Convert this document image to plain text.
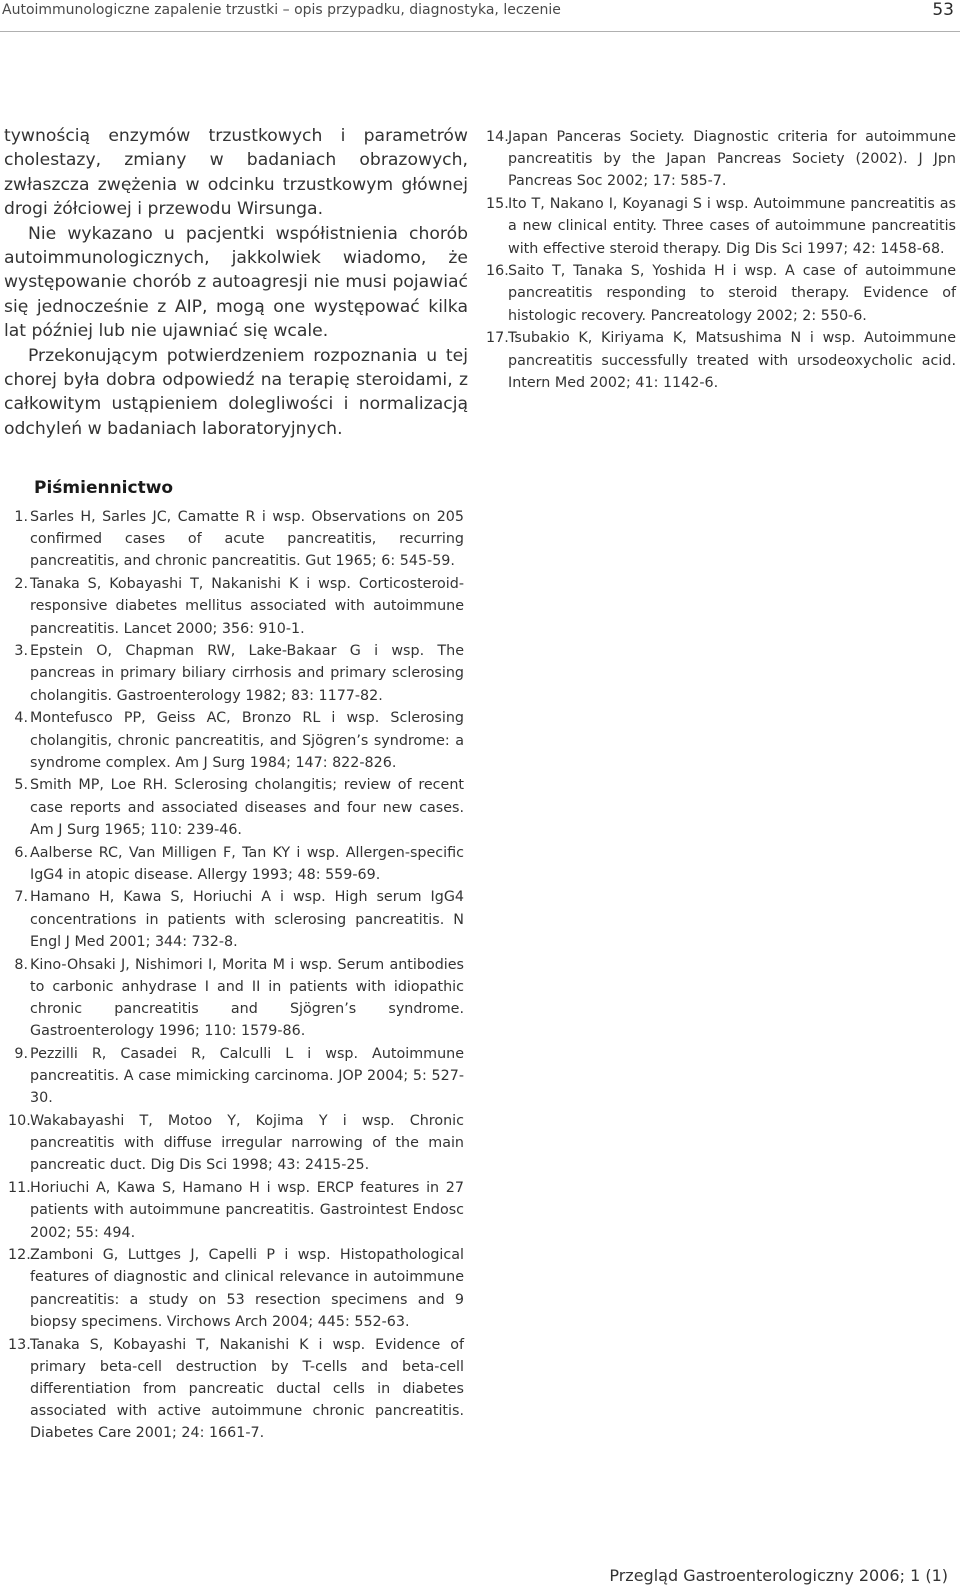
Autoimmunologiczne zapalenie trzustki – opis przypadku, diagnostyka, leczenie	53

tywnością enzymów trzustkowych i parametrów cholestazy, zmiany w badaniach obrazowych, zwłaszcza zwężenia w odcinku trzustkowym głównej drogi żółciowej i przewodu Wirsunga.

Nie wykazano u pacjentki współistnienia chorób autoimmunologicznych, jakkolwiek wiadomo, że występowanie chorób z autoagresji nie musi pojawiać się jednocześnie z AIP, mogą one występować kilka lat później lub nie ujawniać się wcale.

Przekonującym potwierdzeniem rozpoznania u tej chorej była dobra odpowiedź na terapię steroidami, z całkowitym ustąpieniem dolegliwości i normalizacją odchyleń w badaniach laboratoryjnych.

Piśmiennictwo
1. Sarles H, Sarles JC, Camatte R i wsp. Observations on 205 confirmed cases of acute pancreatitis, recurring pancreatitis, and chronic pancreatitis. Gut 1965; 6: 545-59.
2. Tanaka S, Kobayashi T, Nakanishi K i wsp. Corticosteroid-responsive diabetes mellitus associated with autoimmune pancreatitis. Lancet 2000; 356: 910-1.
3. Epstein O, Chapman RW, Lake-Bakaar G i wsp. The pancreas in primary biliary cirrhosis and primary sclerosing cholangitis. Gastroenterology 1982; 83: 1177-82.
4. Montefusco PP, Geiss AC, Bronzo RL i wsp. Sclerosing cholangitis, chronic pancreatitis, and Sjögren’s syndrome: a syndrome complex. Am J Surg 1984; 147: 822-826.
5. Smith MP, Loe RH. Sclerosing cholangitis; review of recent case reports and associated diseases and four new cases. Am J Surg 1965; 110: 239-46.
6. Aalberse RC, Van Milligen F, Tan KY i wsp. Allergen-specific IgG4 in atopic disease. Allergy 1993; 48: 559-69.
7. Hamano H, Kawa S, Horiuchi A i wsp. High serum IgG4 concentrations in patients with sclerosing pancreatitis. N Engl J Med 2001; 344: 732-8.
8. Kino-Ohsaki J, Nishimori I, Morita M i wsp. Serum antibodies to carbonic anhydrase I and II in patients with idiopathic chronic pancreatitis and Sjögren’s syndrome. Gastroenterology 1996; 110: 1579-86.
9. Pezzilli R, Casadei R, Calculli L i wsp. Autoimmune pancreatitis. A case mimicking carcinoma. JOP 2004; 5: 527-30.
10. Wakabayashi T, Motoo Y, Kojima Y i wsp. Chronic pancreatitis with diffuse irregular narrowing of the main pancreatic duct. Dig Dis Sci 1998; 43: 2415-25.
11. Horiuchi A, Kawa S, Hamano H i wsp. ERCP features in 27 patients with autoimmune pancreatitis. Gastrointest Endosc 2002; 55: 494.
12. Zamboni G, Luttges J, Capelli P i wsp. Histopathological features of diagnostic and clinical relevance in autoimmune pancreatitis: a study on 53 resection specimens and 9 biopsy specimens. Virchows Arch 2004; 445: 552-63.
13. Tanaka S, Kobayashi T, Nakanishi K i wsp. Evidence of primary beta-cell destruction by T-cells and beta-cell differentiation from pancreatic ductal cells in diabetes associated with active autoimmune chronic pancreatitis. Diabetes Care 2001; 24: 1661-7.
14. Japan Panceras Society. Diagnostic criteria for autoimmune pancreatitis by the Japan Pancreas Society (2002). J Jpn Pancreas Soc 2002; 17: 585-7.
15. Ito T, Nakano I, Koyanagi S i wsp. Autoimmune pancreatitis as a new clinical entity. Three cases of autoimmune pancreatitis with effective steroid therapy. Dig Dis Sci 1997; 42: 1458-68.
16. Saito T, Tanaka S, Yoshida H i wsp. A case of autoimmune pancreatitis responding to steroid therapy. Evidence of histologic recovery. Pancreatology 2002; 2: 550-6.
17. Tsubakio K, Kiriyama K, Matsushima N i wsp. Autoimmune pancreatitis successfully treated with ursodeoxycholic acid. Intern Med 2002; 41: 1142-6.
Przegląd Gastroenterologiczny 2006; 1 (1)
